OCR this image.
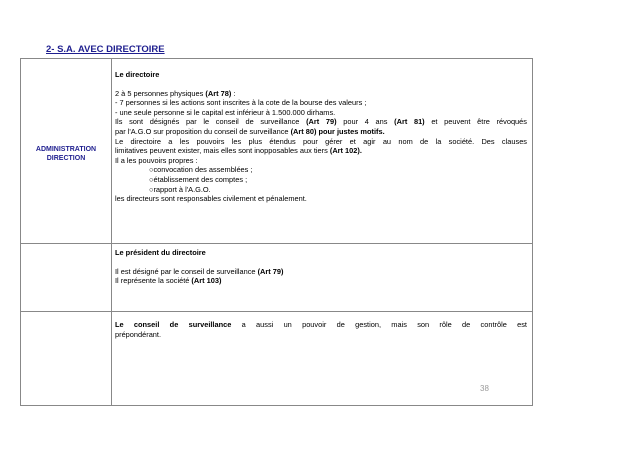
2- S.A. AVEC DIRECTOIRE
ADMINISTRATION
DIRECTION
Le directoire
2 à 5 personnes physiques (Art 78) :
- 7 personnes si les actions sont inscrites à la cote de la bourse des valeurs ;
- une seule personne si le capital est inférieur à 1.500.000 dirhams.
Ils sont désignés par le conseil de surveillance (Art 79) pour 4 ans (Art 81) et peuvent être révoqués
par l'A.G.O sur proposition du conseil de surveillance (Art 80) pour justes motifs.
Le directoire a les pouvoirs les plus étendus pour gérer et agir au nom de la société. Des clauses
limitatives peuvent exister, mais elles sont inopposables aux tiers (Art 102).
Il a les pouvoirs propres :
○convocation des assemblées ;
○établissement des comptes ;
○rapport à l'A.G.O.
les directeurs sont responsables civilement et pénalement.
Le président du directoire
Il est désigné par le conseil de surveillance (Art 79)
Il représente la société (Art 103)
Le conseil de surveillance a aussi un pouvoir de gestion, mais son rôle de contrôle est
prépondérant.
38
